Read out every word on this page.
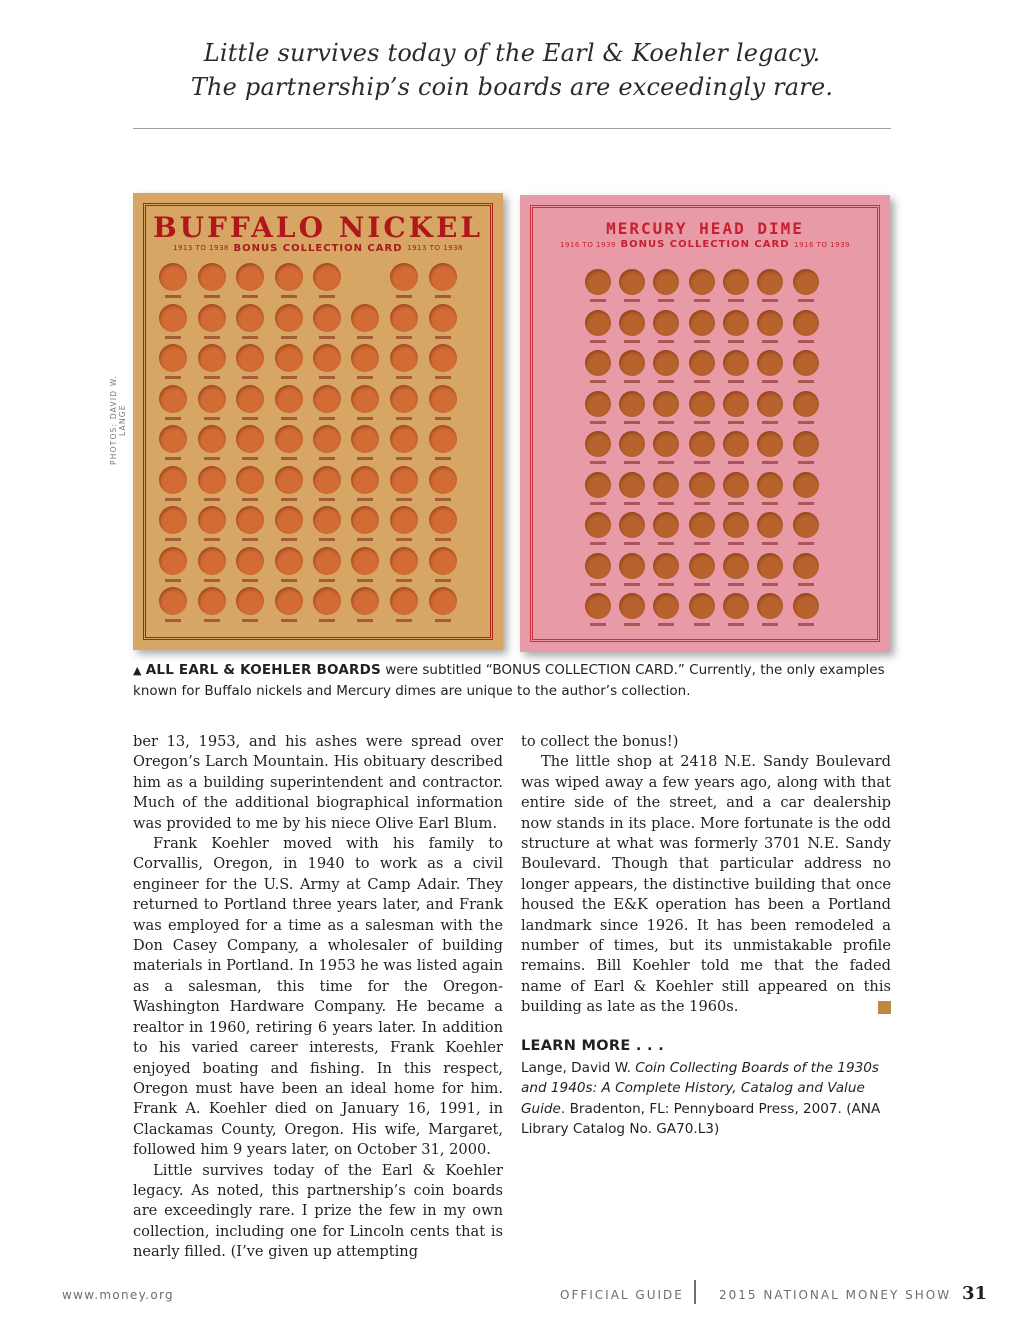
Little survives today of the Earl & Koehler legacy.
The partnership’s coin boards are exceedingly rare.
PHOTOS: DAVID W. LANGE
BUFFALO NICKEL
1913 TO 1938 BONUS COLLECTION CARD 1913 TO 1938
MERCURY HEAD DIME
1916 TO 1939 BONUS COLLECTION CARD 1916 TO 1939
▲ ALL EARL & KOEHLER BOARDS were subtitled “BONUS COLLECTION CARD.” Currently, the only examples known for Buffalo nickels and Mercury dimes are unique to the author’s collection.

ber 13, 1953, and his ashes were spread over Oregon’s Larch Mountain. His obituary described him as a building superintendent and contractor. Much of the additional biographical information was provided to me by his niece Olive Earl Blum.

Frank Koehler moved with his family to Corvallis, Oregon, in 1940 to work as a civil engineer for the U.S. Army at Camp Adair. They returned to Portland three years later, and Frank was employed for a time as a salesman with the Don Casey Company, a wholesaler of building materials in Portland. In 1953 he was listed again as a salesman, this time for the Oregon-Washington Hardware Company. He became a realtor in 1960, retiring 6 years later. In addition to his varied career interests, Frank Koehler enjoyed boating and fishing. In this respect, Oregon must have been an ideal home for him. Frank A. Koehler died on January 16, 1991, in Clackamas County, Oregon. His wife, Margaret, followed him 9 years later, on October 31, 2000.

Little survives today of the Earl & Koehler legacy. As noted, this partnership’s coin boards are exceedingly rare. I prize the few in my own collection, including one for Lincoln cents that is nearly filled. (I’ve given up attempting

to collect the bonus!)

The little shop at 2418 N.E. Sandy Boulevard was wiped away a few years ago, along with that entire side of the street, and a car dealership now stands in its place. More fortunate is the odd structure at what was formerly 3701 N.E. Sandy Boulevard. Though that particular address no longer appears, the distinctive building that once housed the E&K operation has been a Portland landmark since 1926. It has been remodeled a number of times, but its unmistakable profile remains. Bill Koehler told me that the faded name of Earl & Koehler still appeared on this building as late as the 1960s.

LEARN MORE . . .
Lange, David W. Coin Collecting Boards of the 1930s and 1940s: A Complete History, Catalog and Value Guide. Bradenton, FL: Pennyboard Press, 2007. (ANA Library Catalog No. GA70.L3)
www.money.org	OFFICIAL GUIDE	2015 NATIONAL MONEY SHOW 31
